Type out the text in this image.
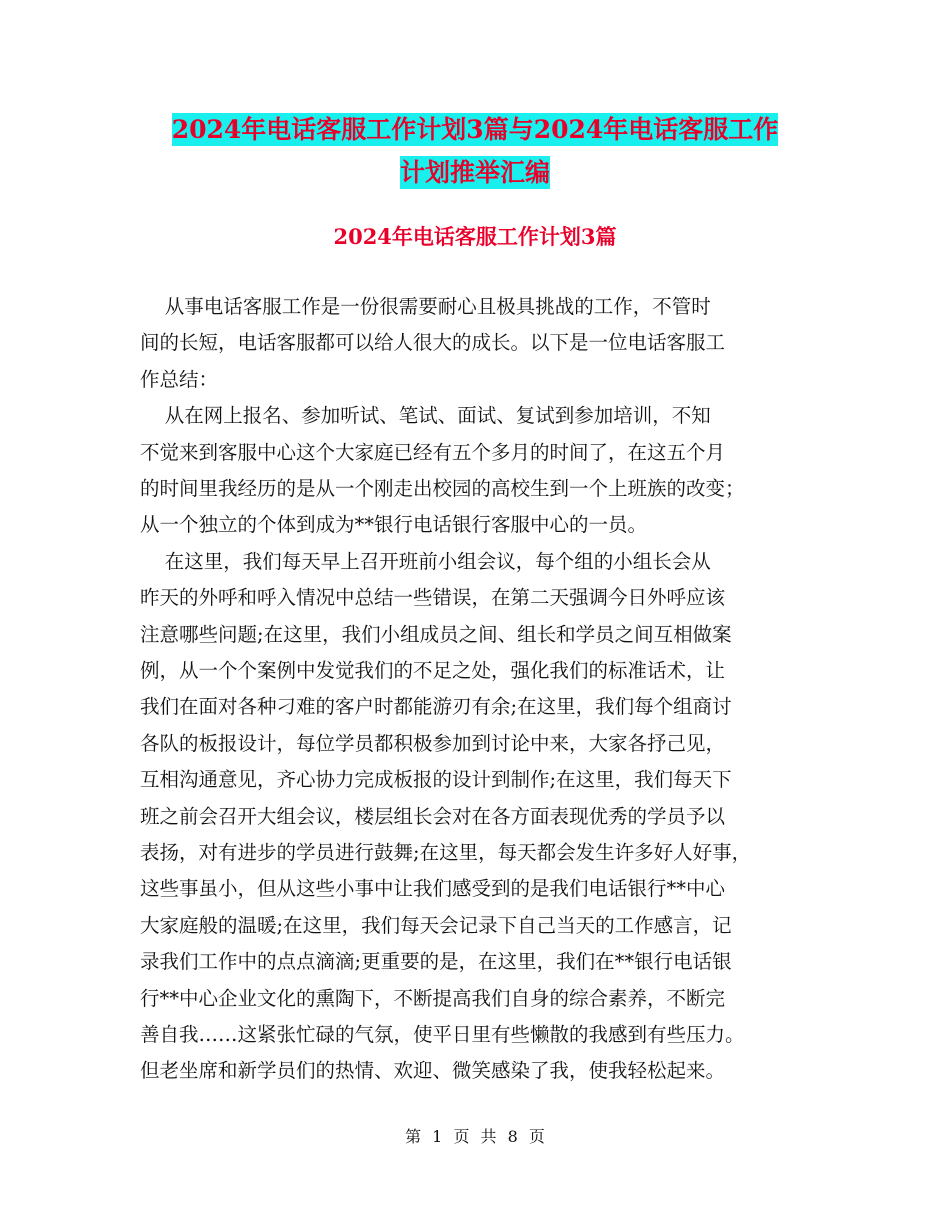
2024年电话客服工作计划3篇与2024年电话客服工作
计划推举汇编
2024年电话客服工作计划3篇
从事电话客服工作是一份很需要耐心且极具挑战的工作，不管时
间的长短，电话客服都可以给人很大的成长。以下是一位电话客服工
作总结：
从在网上报名、参加听试、笔试、面试、复试到参加培训，不知
不觉来到客服中心这个大家庭已经有五个多月的时间了，在这五个月
的时间里我经历的是从一个刚走出校园的高校生到一个上班族的改变；
从一个独立的个体到成为**银行电话银行客服中心的一员。
在这里，我们每天早上召开班前小组会议，每个组的小组长会从
昨天的外呼和呼入情况中总结一些错误，在第二天强调今日外呼应该
注意哪些问题;在这里，我们小组成员之间、组长和学员之间互相做案
例，从一个个案例中发觉我们的不足之处，强化我们的标准话术，让
我们在面对各种刁难的客户时都能游刃有余;在这里，我们每个组商讨
各队的板报设计，每位学员都积极参加到讨论中来，大家各抒己见，
互相沟通意见，齐心协力完成板报的设计到制作;在这里，我们每天下
班之前会召开大组会议，楼层组长会对在各方面表现优秀的学员予以
表扬，对有进步的学员进行鼓舞;在这里，每天都会发生许多好人好事，
这些事虽小，但从这些小事中让我们感受到的是我们电话银行**中心
大家庭般的温暖;在这里，我们每天会记录下自己当天的工作感言，记
录我们工作中的点点滴滴;更重要的是，在这里，我们在**银行电话银
行**中心企业文化的熏陶下，不断提高我们自身的综合素养，不断完
善自我……这紧张忙碌的气氛，使平日里有些懒散的我感到有些压力。
但老坐席和新学员们的热情、欢迎、微笑感染了我，使我轻松起来。
第 1 页 共 8 页
